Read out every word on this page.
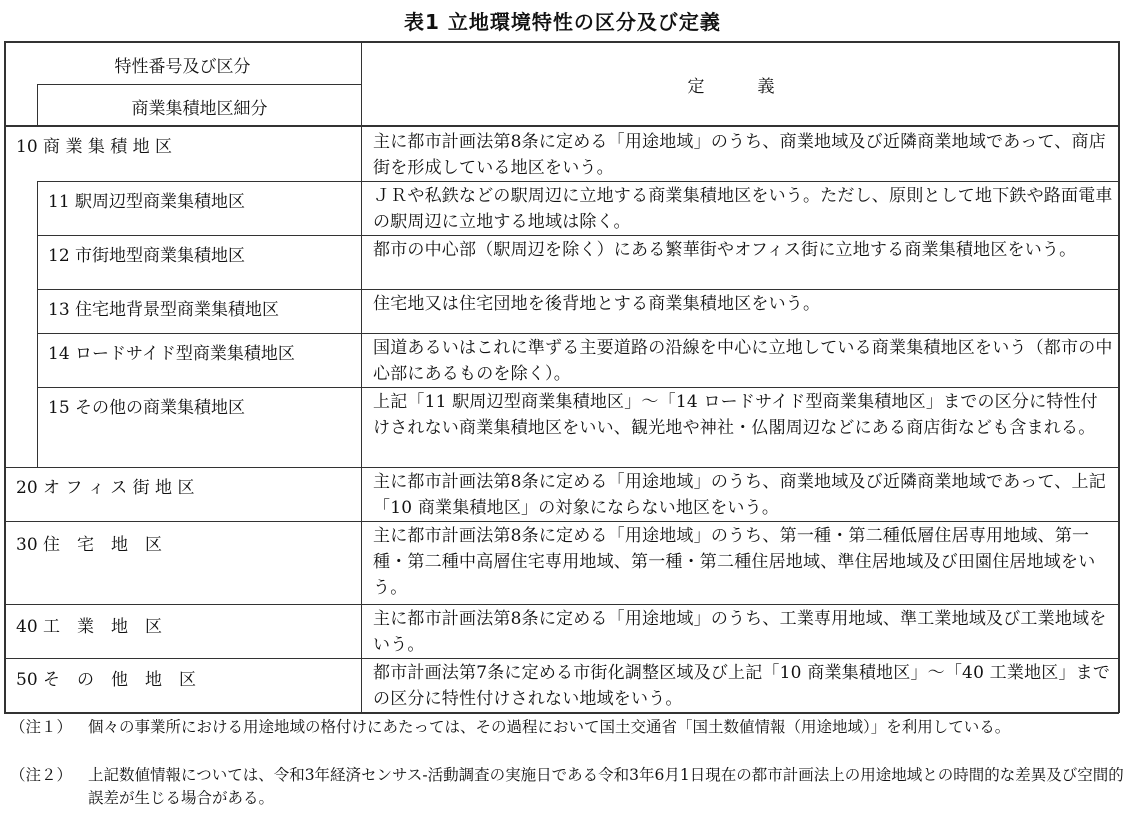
表1 立地環境特性の区分及び定義
特性番号及び区分
商業集積地区細分
定　義
10 商 業 集 積 地 区
11 駅周辺型商業集積地区
12 市街地型商業集積地区
13 住宅地背景型商業集積地区
14 ロードサイド型商業集積地区
15 その他の商業集積地区
20 オ フ ィ ス 街 地 区
30 住　宅　地　区
40 工　業　地　区
50 そ　の　他　地　区
主に都市計画法第8条に定める「用途地域」のうち、商業地域及び近隣商業地域であって、商店街を形成している地区をいう。
ＪＲや私鉄などの駅周辺に立地する商業集積地区をいう。ただし、原則として地下鉄や路面電車の駅周辺に立地する地域は除く。
都市の中心部（駅周辺を除く）にある繁華街やオフィス街に立地する商業集積地区をいう。
住宅地又は住宅団地を後背地とする商業集積地区をいう。
国道あるいはこれに準ずる主要道路の沿線を中心に立地している商業集積地区をいう（都市の中心部にあるものを除く）。
上記「11 駅周辺型商業集積地区」～「14 ロードサイド型商業集積地区」までの区分に特性付けされない商業集積地区をいい、観光地や神社・仏閣周辺などにある商店街なども含まれる。
主に都市計画法第8条に定める「用途地域」のうち、商業地域及び近隣商業地域であって、上記「10 商業集積地区」の対象にならない地区をいう。
主に都市計画法第8条に定める「用途地域」のうち、第一種・第二種低層住居専用地域、第一種・第二種中高層住宅専用地域、第一種・第二種住居地域、準住居地域及び田園住居地域をいう。
主に都市計画法第8条に定める「用途地域」のうち、工業専用地域、準工業地域及び工業地域をいう。
都市計画法第7条に定める市街化調整区域及び上記「10 商業集積地区」～「40 工業地区」までの区分に特性付けされない地域をいう。
（注１） 個々の事業所における用途地域の格付けにあたっては、その過程において国土交通省「国土数値情報（用途地域）」を利用している。
（注２） 上記数値情報については、令和3年経済センサス‐活動調査の実施日である令和3年6月1日現在の都市計画法上の用途地域との時間的な差異及び空間的誤差が生じる場合がある。
